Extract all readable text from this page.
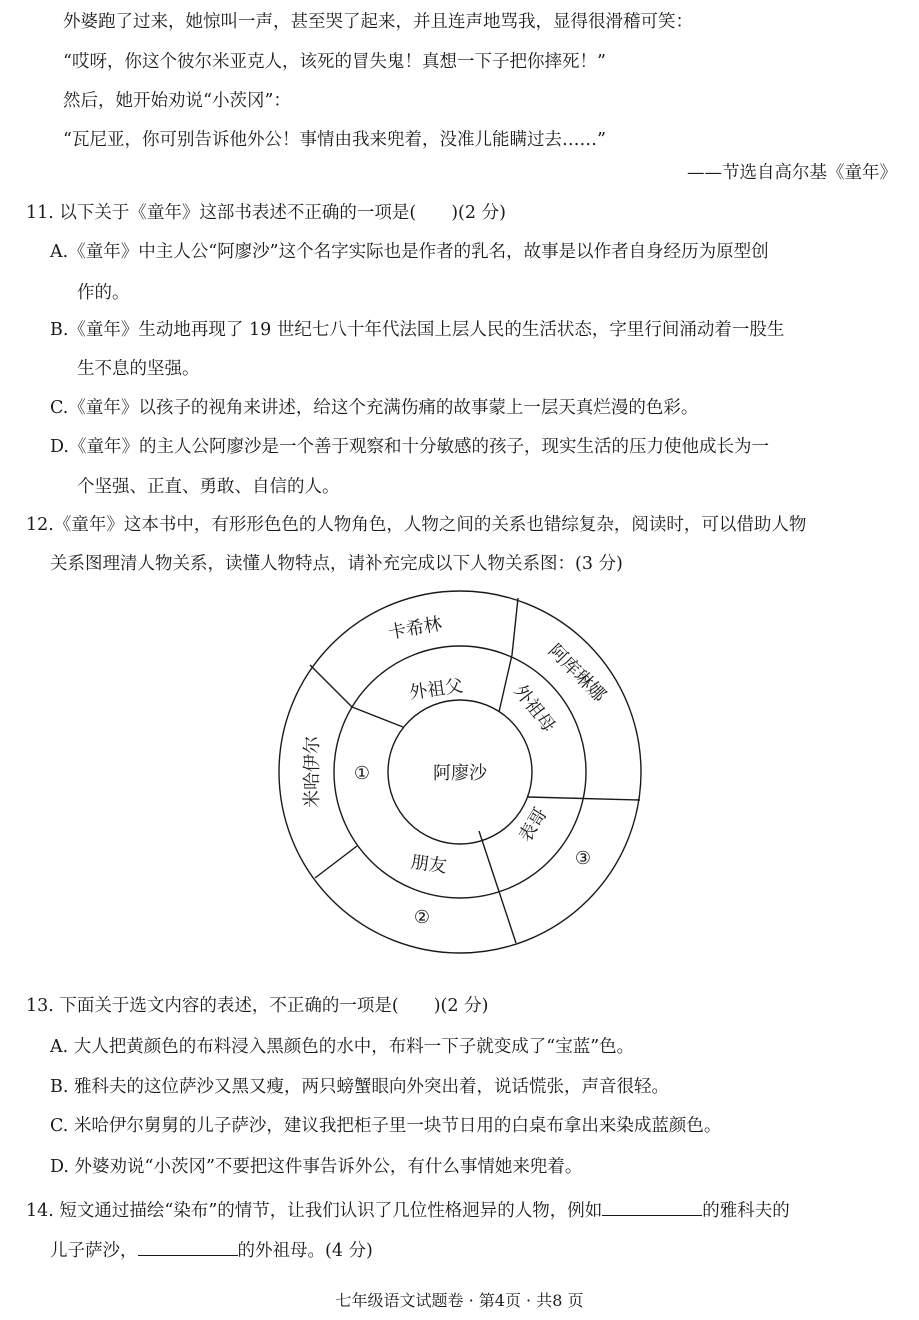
外婆跑了过来，她惊叫一声，甚至哭了起来，并且连声地骂我，显得很滑稽可笑：
“哎呀，你这个彼尔米亚克人，该死的冒失鬼！真想一下子把你摔死！”
然后，她开始劝说“小茨冈”：
“瓦尼亚，你可别告诉他外公！事情由我来兜着，没准儿能瞒过去……”
——节选自高尔基《童年》
11. 以下关于《童年》这部书表述不正确的一项是(　　)(2 分)
A.《童年》中主人公“阿廖沙”这个名字实际也是作者的乳名，故事是以作者自身经历为原型创
作的。
B.《童年》生动地再现了 19 世纪七八十年代法国上层人民的生活状态，字里行间涌动着一股生
生不息的坚强。
C.《童年》以孩子的视角来讲述，给这个充满伤痛的故事蒙上一层天真烂漫的色彩。
D.《童年》的主人公阿廖沙是一个善于观察和十分敏感的孩子，现实生活的压力使他成长为一
个坚强、正直、勇敢、自信的人。
12.《童年》这本书中，有形形色色的人物角色，人物之间的关系也错综复杂，阅读时，可以借助人物
关系图理清人物关系，读懂人物特点，请补充完成以下人物关系图：(3 分)
阿廖沙
外祖父	外祖母
表哥
朋友
①
卡希林
阿库琳娜
③
②
米哈伊尔
13. 下面关于选文内容的表述，不正确的一项是(　　)(2 分)
A. 大人把黄颜色的布料浸入黑颜色的水中，布料一下子就变成了“宝蓝”色。
B. 雅科夫的这位萨沙又黑又瘦，两只螃蟹眼向外突出着，说话慌张，声音很轻。
C. 米哈伊尔舅舅的儿子萨沙，建议我把柜子里一块节日用的白桌布拿出来染成蓝颜色。
D. 外婆劝说“小茨冈”不要把这件事告诉外公，有什么事情她来兜着。
14. 短文通过描绘“染布”的情节，让我们认识了几位性格迥异的人物，例如	的雅科夫的
儿子萨沙，	的外祖母。(4 分)
七年级语文试题卷 · 第4页 · 共8 页
